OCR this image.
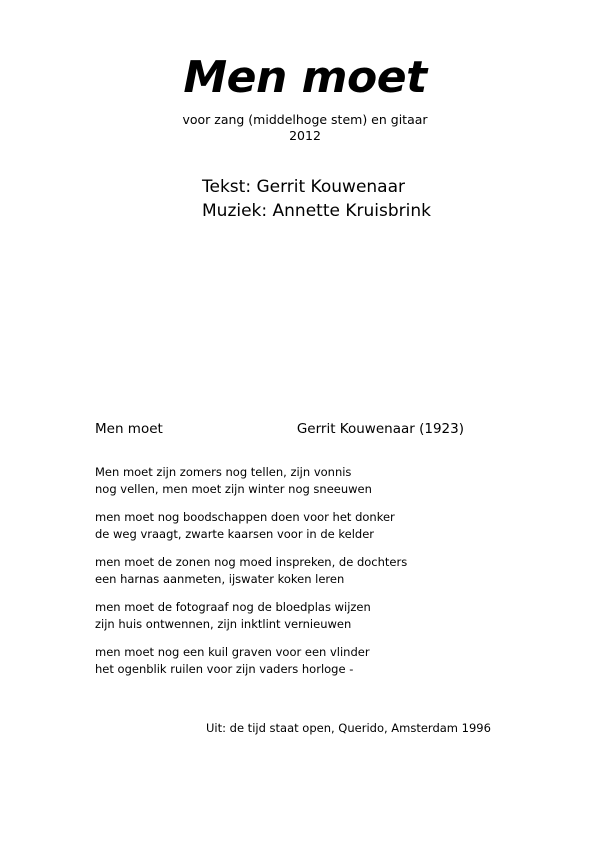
Men moet
voor zang (middelhoge stem) en gitaar
2012
Tekst: Gerrit Kouwenaar
Muziek: Annette Kruisbrink
Men moet	Gerrit Kouwenaar (1923)
Men moet zijn zomers nog tellen, zijn vonnis
nog vellen, men moet zijn winter nog sneeuwen
men moet nog boodschappen doen voor het donker
de weg vraagt, zwarte kaarsen voor in de kelder
men moet de zonen nog moed inspreken, de dochters
een harnas aanmeten, ijswater koken leren
men moet de fotograaf nog de bloedplas wijzen
zijn huis ontwennen, zijn inktlint vernieuwen
men moet nog een kuil graven voor een vlinder
het ogenblik ruilen voor zijn vaders horloge -
Uit: de tijd staat open, Querido, Amsterdam 1996
